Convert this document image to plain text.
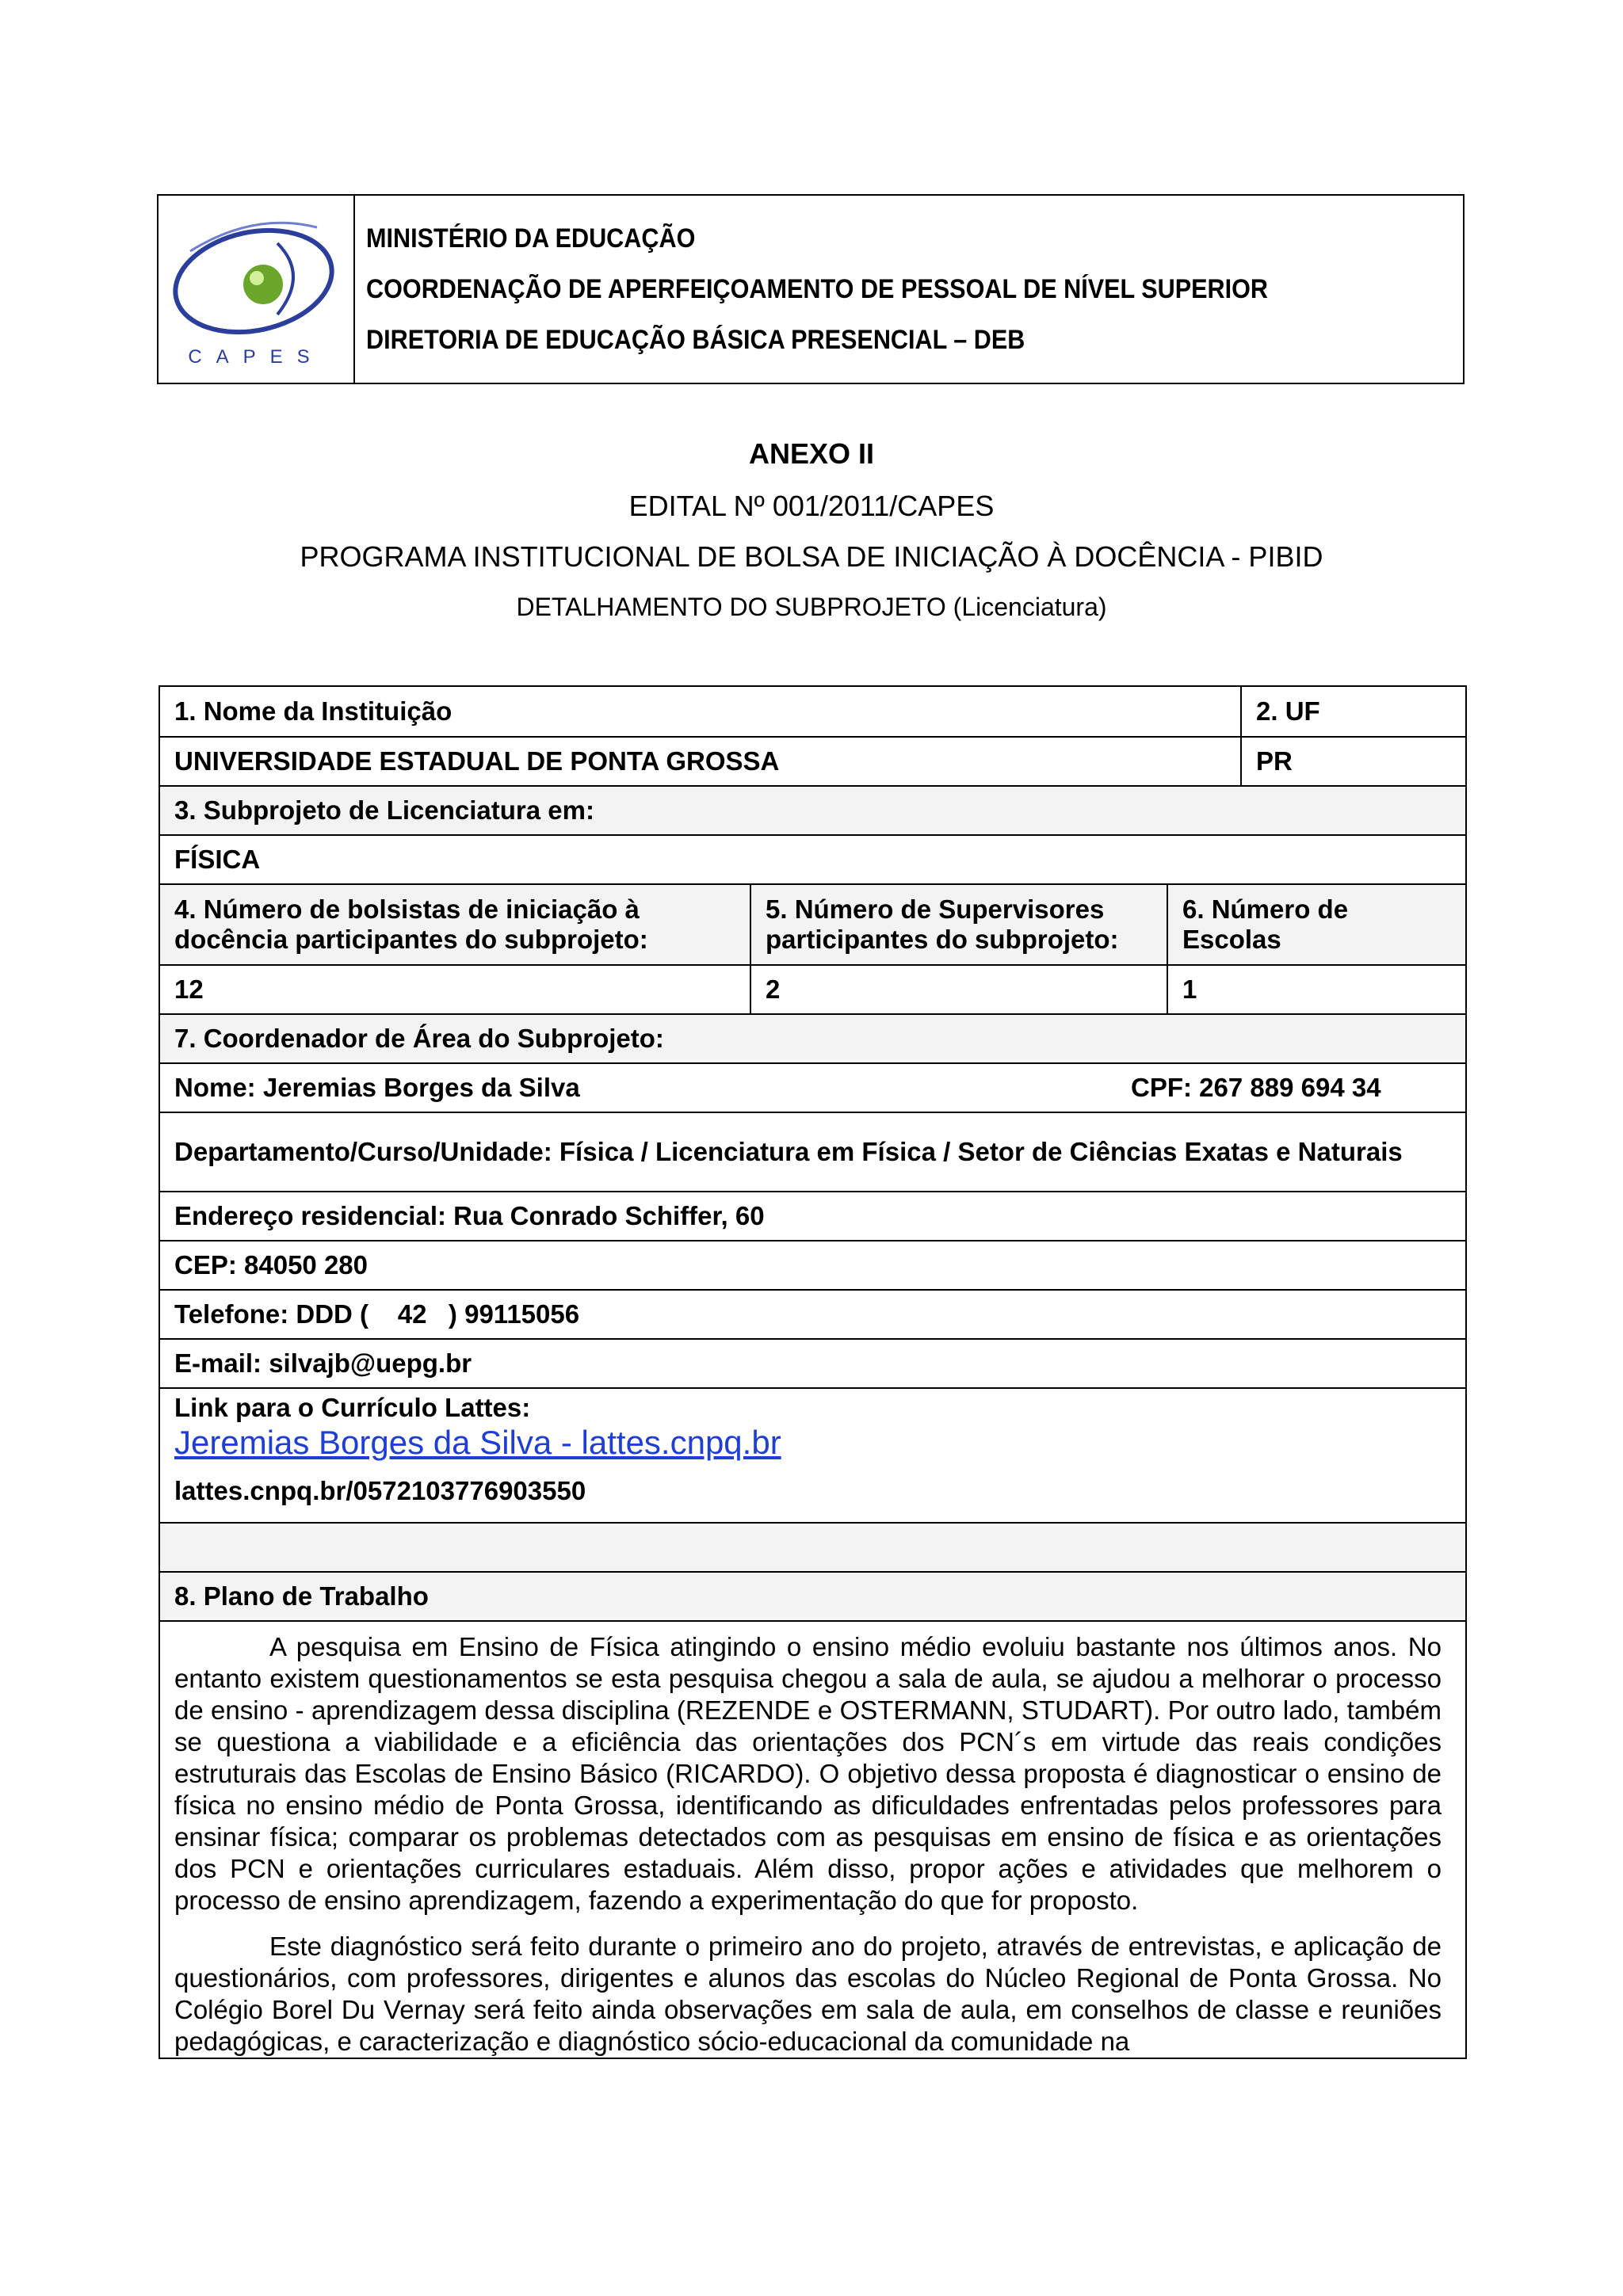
CAPES
MINISTÉRIO DA EDUCAÇÃO
COORDENAÇÃO DE APERFEIÇOAMENTO DE PESSOAL DE NÍVEL SUPERIOR
DIRETORIA DE EDUCAÇÃO BÁSICA PRESENCIAL – DEB
ANEXO II
EDITAL Nº 001/2011/CAPES
PROGRAMA INSTITUCIONAL DE BOLSA DE INICIAÇÃO À DOCÊNCIA - PIBID
DETALHAMENTO DO SUBPROJETO (Licenciatura)
1. Nome da Instituição	2. UF
UNIVERSIDADE ESTADUAL DE PONTA GROSSA	PR
3. Subprojeto de Licenciatura em:
FÍSICA
4. Número de bolsistas de iniciação à docência participantes do subprojeto:
5. Número de Supervisores participantes do subprojeto:
6. Número de Escolas
12	2	1
7. Coordenador de Área do Subprojeto:
Nome: Jeremias Borges da Silva	CPF: 267 889 694 34
Departamento/Curso/Unidade: Física / Licenciatura em Física / Setor de Ciências Exatas e Naturais
Endereço residencial: Rua Conrado Schiffer, 60
CEP: 84050 280
Telefone: DDD (    42   ) 99115056
E-mail: silvajb@uepg.br
Link para o Currículo Lattes:
Jeremias Borges da Silva - lattes.cnpq.br
lattes.cnpq.br/0572103776903550
8. Plano de Trabalho

A pesquisa em Ensino de Física atingindo o ensino médio evoluiu bastante nos últimos anos. No entanto existem questionamentos se esta pesquisa chegou a sala de aula, se ajudou a melhorar o processo de ensino - aprendizagem dessa disciplina (REZENDE e OSTERMANN, STUDART). Por outro lado, também se questiona a viabilidade e a eficiência das orientações dos PCN´s em virtude das reais condições estruturais das Escolas de Ensino Básico (RICARDO). O objetivo dessa proposta é diagnosticar o ensino de física no ensino médio de Ponta Grossa, identificando as dificuldades enfrentadas pelos professores para ensinar física; comparar os problemas detectados com as pesquisas em ensino de física e as orientações dos PCN e orientações curriculares estaduais. Além disso, propor ações e atividades que melhorem o processo de ensino aprendizagem, fazendo a experimentação do que for proposto.

Este diagnóstico será feito durante o primeiro ano do projeto, através de entrevistas, e aplicação de questionários, com professores, dirigentes e alunos das escolas do Núcleo Regional de Ponta Grossa. No Colégio Borel Du Vernay será feito ainda observações em sala de aula, em conselhos de classe e reuniões pedagógicas, e caracterização e diagnóstico sócio-educacional da comunidade na
